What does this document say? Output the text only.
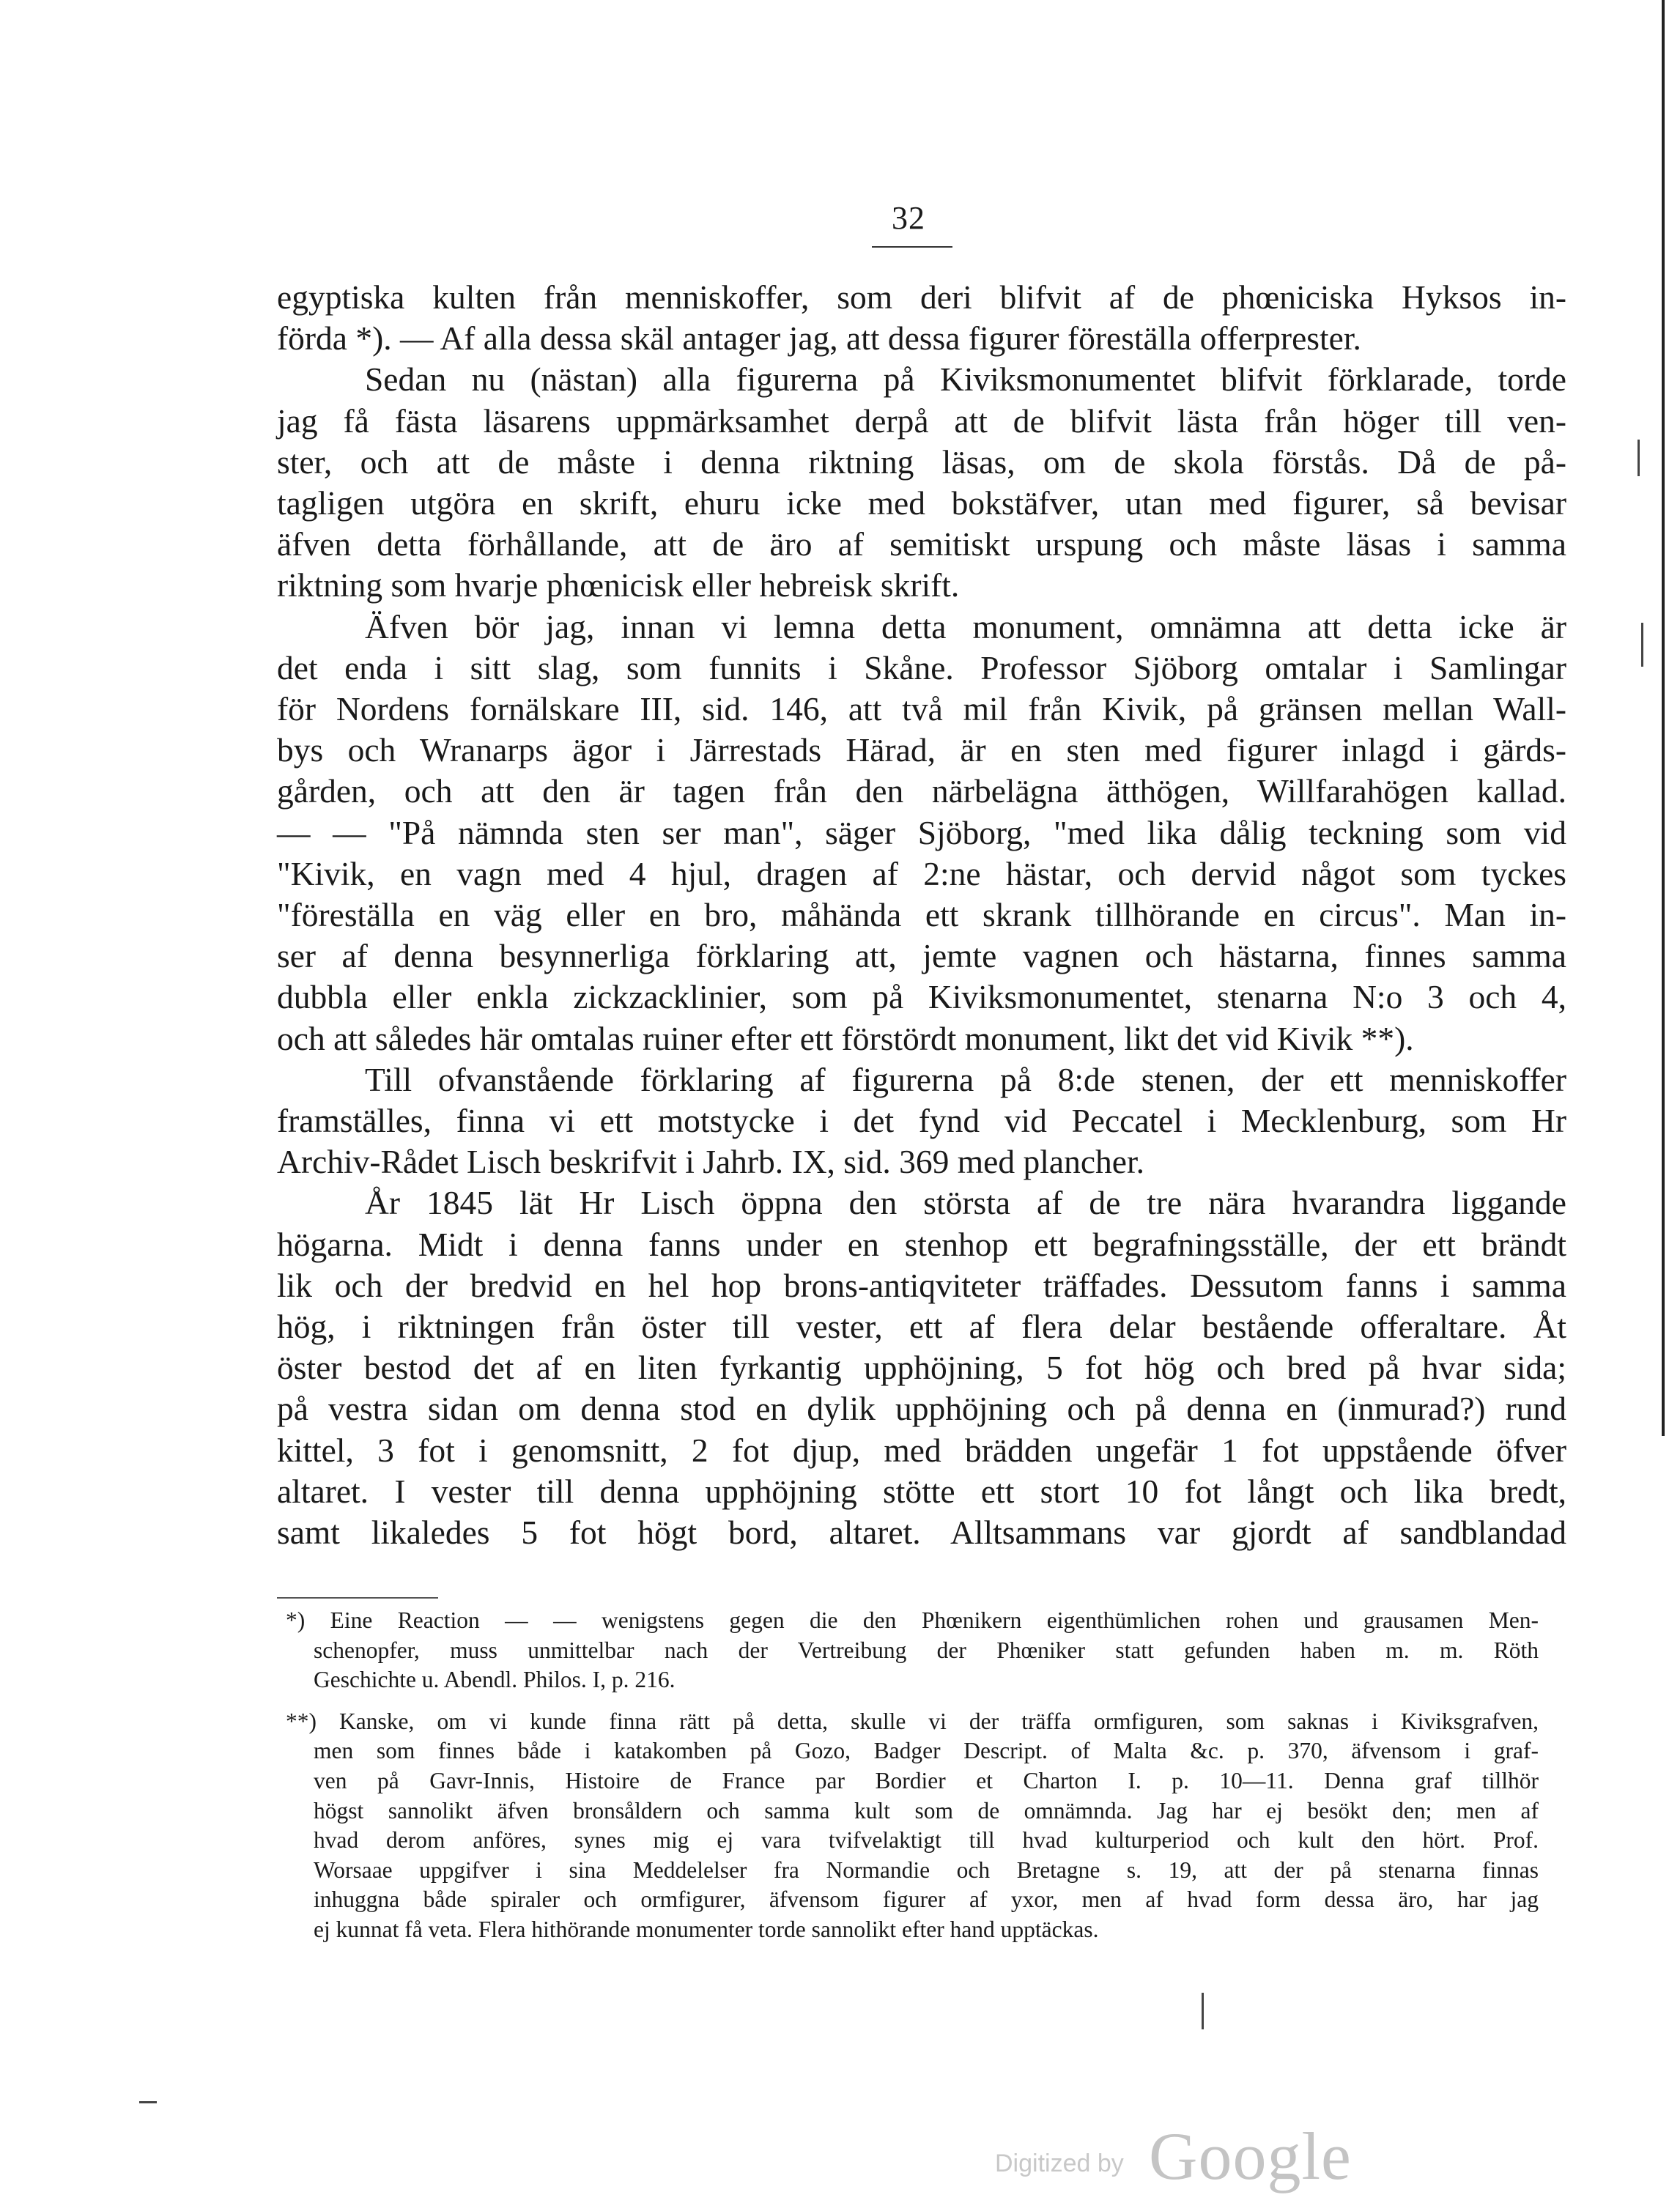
32

egyptiska kulten från menniskoffer, som deri blifvit af de phœniciska Hyksos in-
förda *). — Af alla dessa skäl antager jag, att dessa figurer föreställa offerprester.

Sedan nu (nästan) alla figurerna på Kiviksmonumentet blifvit förklarade, torde
jag få fästa läsarens uppmärksamhet derpå att de blifvit lästa från höger till ven-
ster, och att de måste i denna riktning läsas, om de skola förstås. Då de på-
tagligen utgöra en skrift, ehuru icke med bokstäfver, utan med figurer, så bevisar
äfven detta förhållande, att de äro af semitiskt urspung och måste läsas i samma
riktning som hvarje phœnicisk eller hebreisk skrift.

Äfven bör jag, innan vi lemna detta monument, omnämna att detta icke är
det enda i sitt slag, som funnits i Skåne. Professor Sjöborg omtalar i Samlingar
för Nordens fornälskare III, sid. 146, att två mil från Kivik, på gränsen mellan Wall-
bys och Wranarps ägor i Järrestads Härad, är en sten med figurer inlagd i gärds-
gården, och att den är tagen från den närbelägna ätthögen, Willfarahögen kallad.
— — "På nämnda sten ser man", säger Sjöborg, "med lika dålig teckning som vid
"Kivik, en vagn med 4 hjul, dragen af 2:ne hästar, och dervid något som tyckes
"föreställa en väg eller en bro, måhända ett skrank tillhörande en circus". Man in-
ser af denna besynnerliga förklaring att, jemte vagnen och hästarna, finnes samma
dubbla eller enkla zickzacklinier, som på Kiviksmonumentet, stenarna N:o 3 och 4,
och att således här omtalas ruiner efter ett förstördt monument, likt det vid Kivik **).

Till ofvanstående förklaring af figurerna på 8:de stenen, der ett menniskoffer
framställes, finna vi ett motstycke i det fynd vid Peccatel i Mecklenburg, som Hr
Archiv-Rådet Lisch beskrifvit i Jahrb. IX, sid. 369 med plancher.

År 1845 lät Hr Lisch öppna den största af de tre nära hvarandra liggande
högarna. Midt i denna fanns under en stenhop ett begrafningsställe, der ett brändt
lik och der bredvid en hel hop brons-antiqviteter träffades. Dessutom fanns i samma
hög, i riktningen från öster till vester, ett af flera delar bestående offeraltare. Åt
öster bestod det af en liten fyrkantig upphöjning, 5 fot hög och bred på hvar sida;
på vestra sidan om denna stod en dylik upphöjning och på denna en (inmurad?) rund
kittel, 3 fot i genomsnitt, 2 fot djup, med brädden ungefär 1 fot uppstående öfver
altaret. I vester till denna upphöjning stötte ett stort 10 fot långt och lika bredt,
samt likaledes 5 fot högt bord, altaret. Alltsammans var gjordt af sandblandad

*) Eine Reaction — — wenigstens gegen die den Phœnikern eigenthümlichen rohen und grausamen Men-
schenopfer, muss unmittelbar nach der Vertreibung der Phœniker statt gefunden haben m. m. Röth
Geschichte u. Abendl. Philos. I, p. 216.

**) Kanske, om vi kunde finna rätt på detta, skulle vi der träffa ormfiguren, som saknas i Kiviksgrafven,
men som finnes både i katakomben på Gozo, Badger Descript. of Malta &c. p. 370, äfvensom i graf-
ven på Gavr-Innis, Histoire de France par Bordier et Charton I. p. 10—11. Denna graf tillhör
högst sannolikt äfven bronsåldern och samma kult som de omnämnda. Jag har ej besökt den; men af
hvad derom anföres, synes mig ej vara tvifvelaktigt till hvad kulturperiod och kult den hört. Prof.
Worsaae uppgifver i sina Meddelelser fra Normandie och Bretagne s. 19, att der på stenarna finnas
inhuggna både spiraler och ormfigurer, äfvensom figurer af yxor, men af hvad form dessa äro, har jag
ej kunnat få veta. Flera hithörande monumenter torde sannolikt efter hand upptäckas.

Digitized by Google
